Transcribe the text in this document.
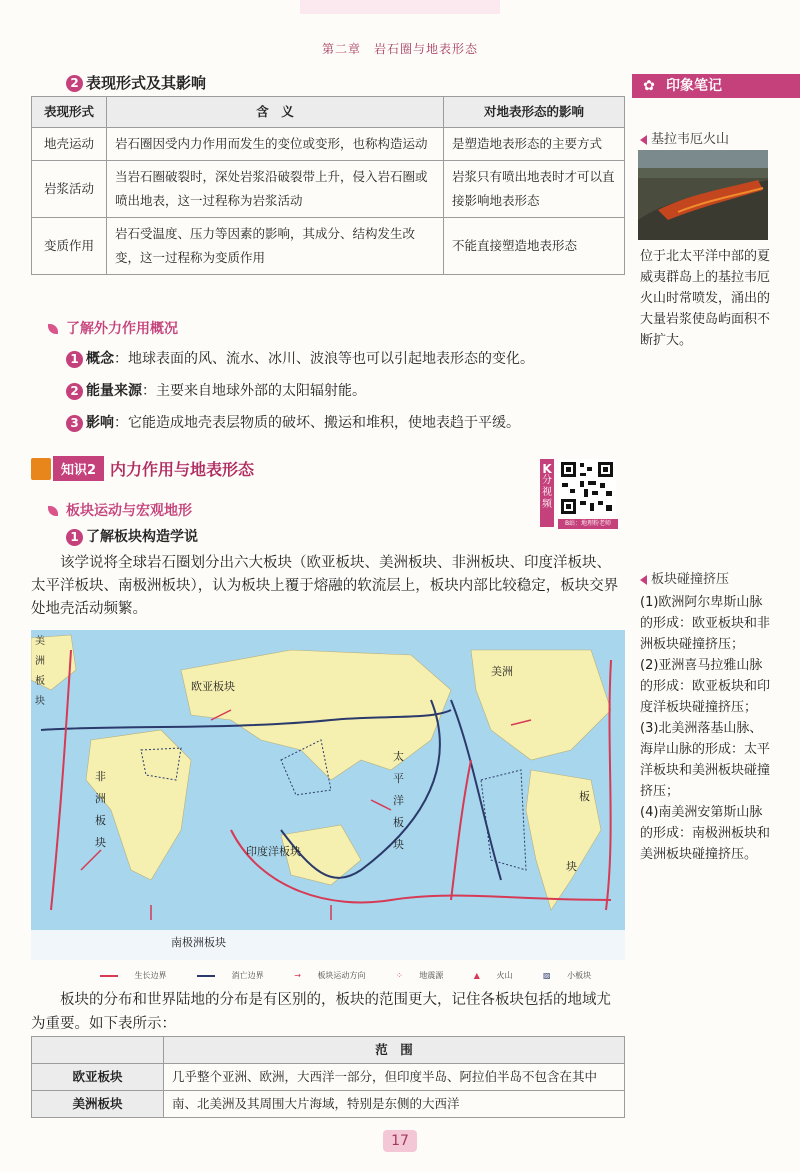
第二章　岩石圈与地表形态
2 表现形式及其影响
表现形式	含　义	对地表形态的影响
地壳运动	岩石圈因受内力作用而发生的变位或变形，也称构造运动	是塑造地表形态的主要方式
岩浆活动	当岩石圈破裂时，深处岩浆沿破裂带上升，侵入岩石圈或喷出地表，这一过程称为岩浆活动	岩浆只有喷出地表时才可以直接影响地表形态
变质作用	岩石受温度、压力等因素的影响，其成分、结构发生改变，这一过程称为变质作用	不能直接塑造地表形态
了解外力作用概况
1 概念：地球表面的风、流水、冰川、波浪等也可以引起地表形态的变化。
2 能量来源：主要来自地球外部的太阳辐射能。
3 影响：它能造成地壳表层物质的破坏、搬运和堆积，使地表趋于平缓。
知识2 内力作用与地表形态	K
分视频
B站：地理粉老师
板块运动与宏观地形
1 了解板块构造学说
该学说将全球岩石圈划分出六大板块（欧亚板块、美洲板块、非洲板块、印度洋板块、太平洋板块、南极洲板块），认为板块上覆于熔融的软流层上，板块内部比较稳定，板块交界处地壳活动频繁。
欧亚板块
印度洋板块
南极洲板块
美洲
板
块
非
洲
板
块
太
平
洋
板
块
美
洲
板
块
生长边界	消亡边界	→ 板块运动方向	⁘ 地震源	▲ 火山	▨ 小板块
板块的分布和世界陆地的分布是有区别的，板块的范围更大，记住各板块包括的地域尤为重要。如下表所示：
	范　围
欧亚板块	几乎整个亚洲、欧洲，大西洋一部分，但印度半岛、阿拉伯半岛不包含在其中
美洲板块	南、北美洲及其周围大片海域，特别是东侧的大西洋
17
✿ 印象笔记
基拉韦厄火山
位于北太平洋中部的夏威夷群岛上的基拉韦厄火山时常喷发，涌出的大量岩浆使岛屿面积不断扩大。
板块碰撞挤压
(1)欧洲阿尔卑斯山脉的形成：欧亚板块和非洲板块碰撞挤压；
(2)亚洲喜马拉雅山脉的形成：欧亚板块和印度洋板块碰撞挤压；
(3)北美洲落基山脉、海岸山脉的形成：太平洋板块和美洲板块碰撞挤压；
(4)南美洲安第斯山脉的形成：南极洲板块和美洲板块碰撞挤压。
